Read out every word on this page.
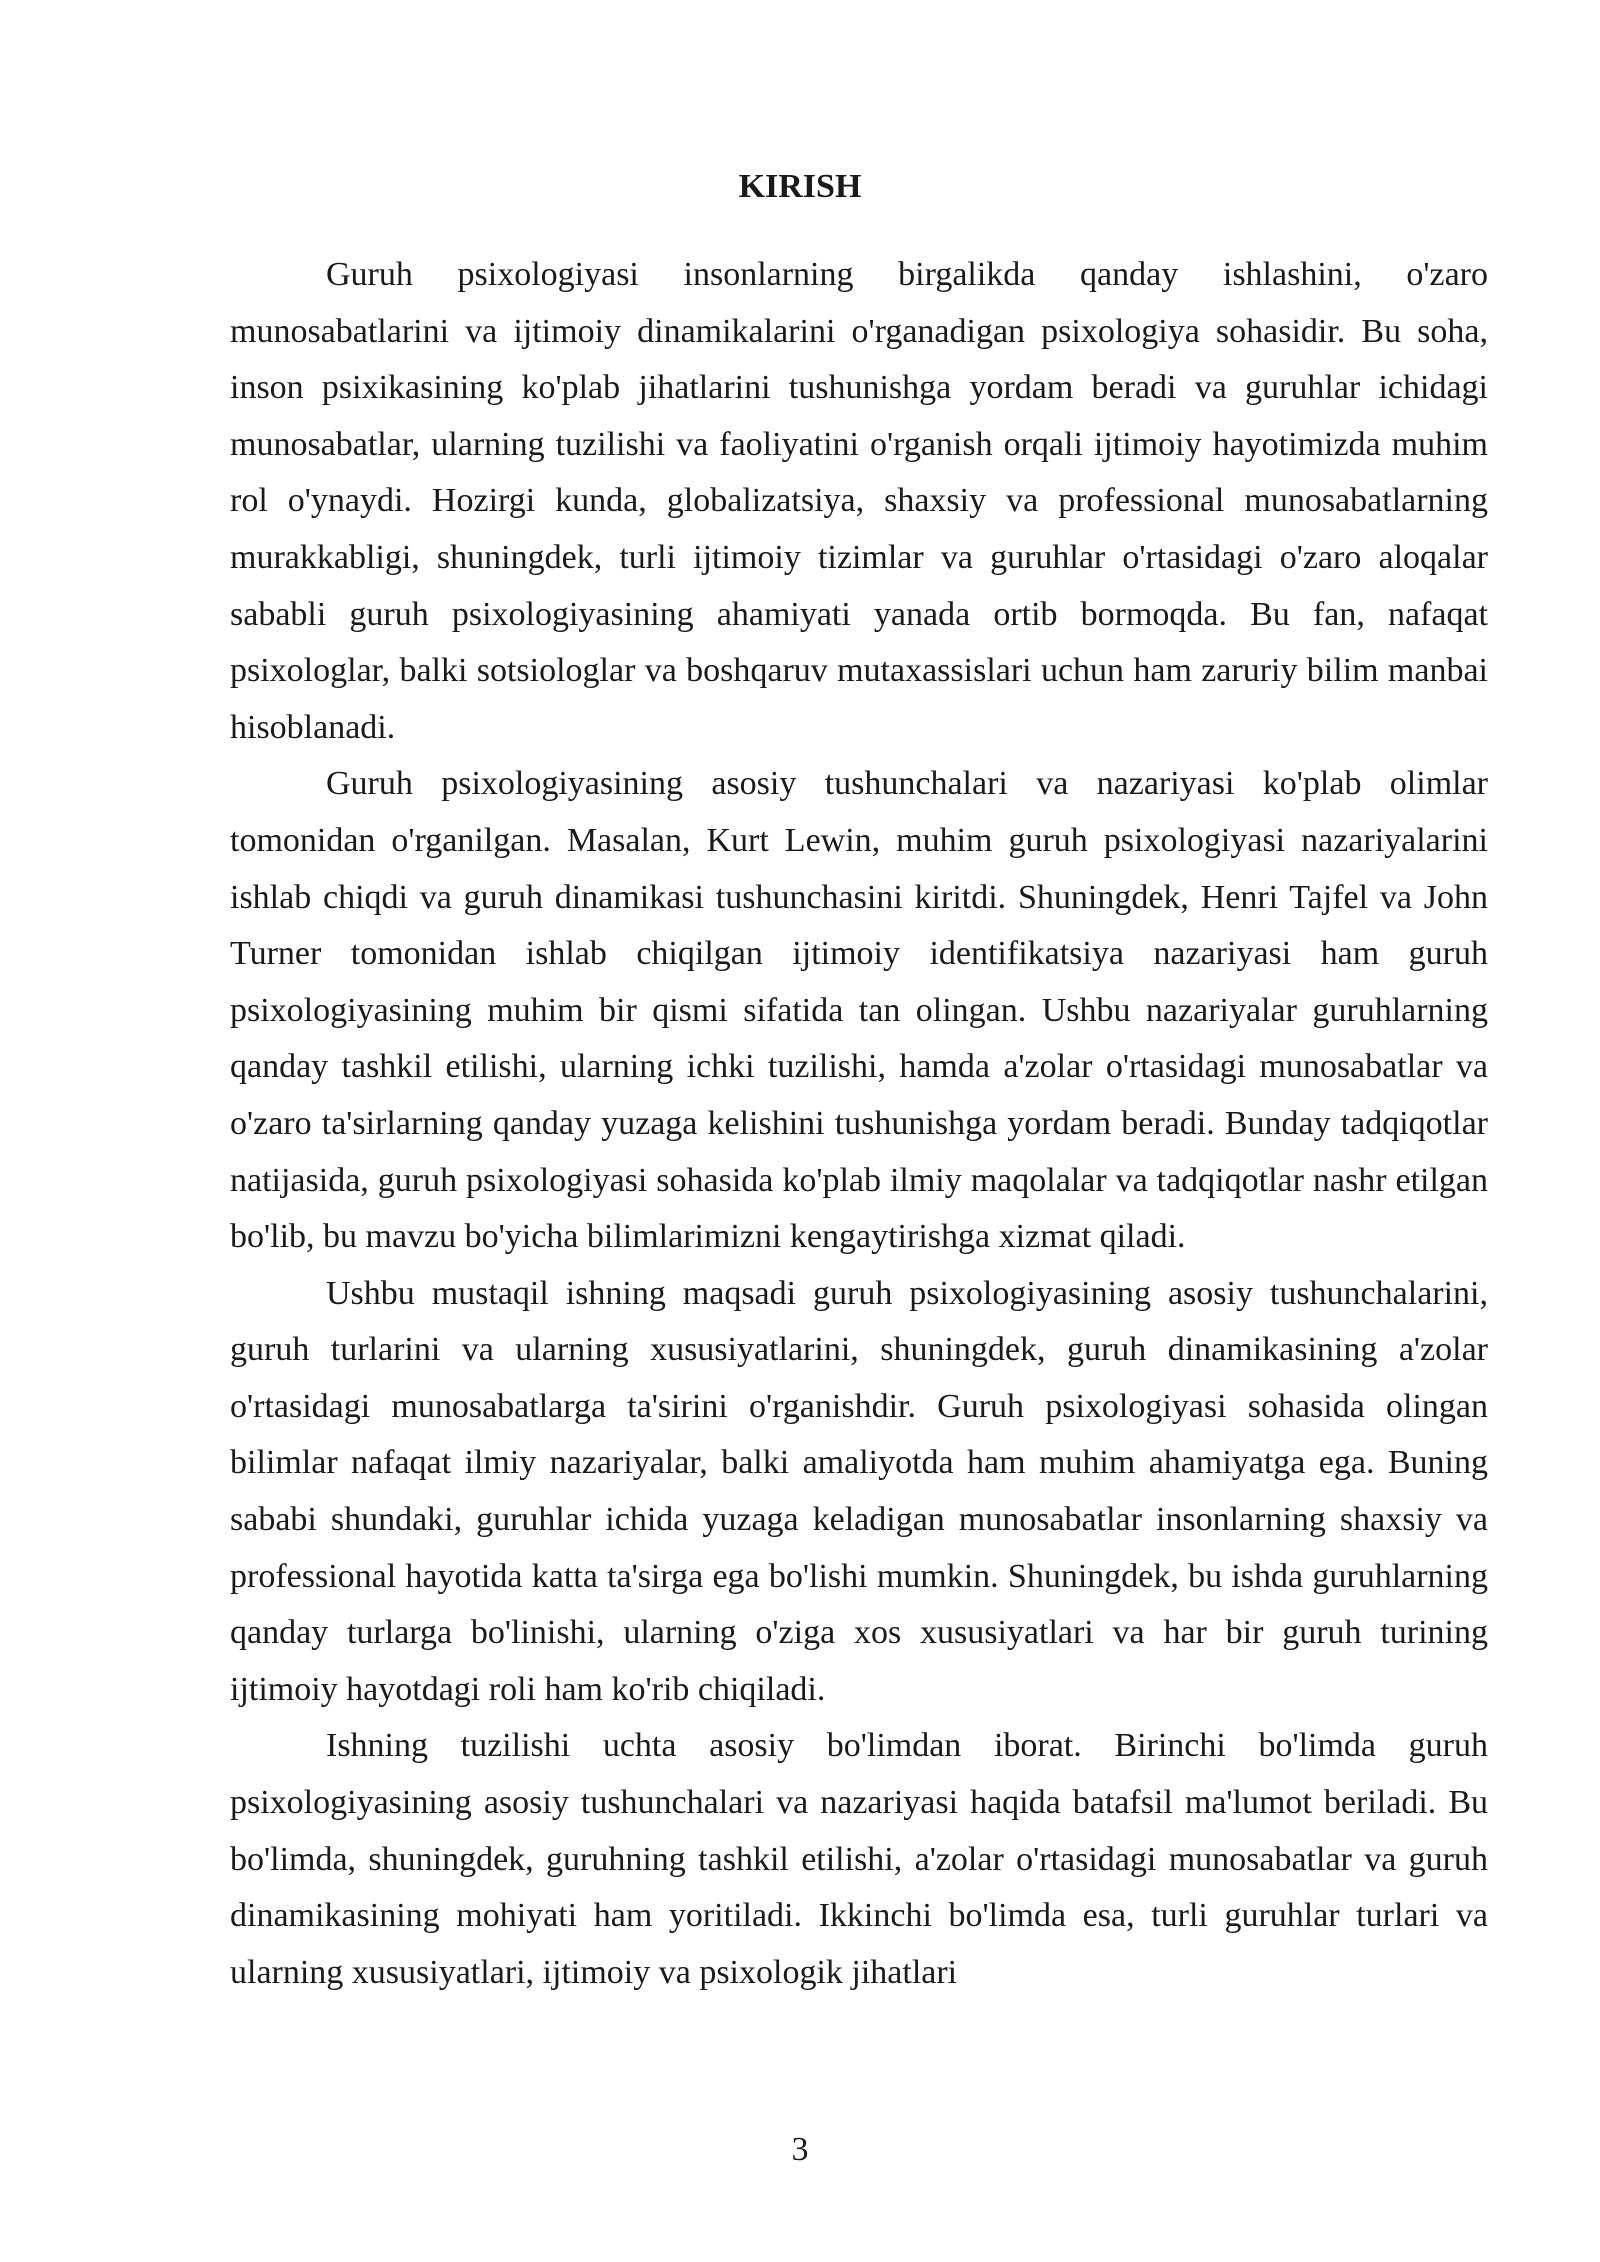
KIRISH

Guruh psixologiyasi insonlarning birgalikda qanday ishlashini, o'zaro munosabatlarini va ijtimoiy dinamikalarini o'rganadigan psixologiya sohasidir. Bu soha, inson psixikasining ko'plab jihatlarini tushunishga yordam beradi va guruhlar ichidagi munosabatlar, ularning tuzilishi va faoliyatini o'rganish orqali ijtimoiy hayotimizda muhim rol o'ynaydi. Hozirgi kunda, globalizatsiya, shaxsiy va professional munosabatlarning murakkabligi, shuningdek, turli ijtimoiy tizimlar va guruhlar o'rtasidagi o'zaro aloqalar sababli guruh psixologiyasining ahamiyati yanada ortib bormoqda. Bu fan, nafaqat psixologlar, balki sotsiologlar va boshqaruv mutaxassislari uchun ham zaruriy bilim manbai hisoblanadi.

Guruh psixologiyasining asosiy tushunchalari va nazariyasi ko'plab olimlar tomonidan o'rganilgan. Masalan, Kurt Lewin, muhim guruh psixologiyasi nazariyalarini ishlab chiqdi va guruh dinamikasi tushunchasini kiritdi. Shuningdek, Henri Tajfel va John Turner tomonidan ishlab chiqilgan ijtimoiy identifikatsiya nazariyasi ham guruh psixologiyasining muhim bir qismi sifatida tan olingan. Ushbu nazariyalar guruhlarning qanday tashkil etilishi, ularning ichki tuzilishi, hamda a'zolar o'rtasidagi munosabatlar va o'zaro ta'sirlarning qanday yuzaga kelishini tushunishga yordam beradi. Bunday tadqiqotlar natijasida, guruh psixologiyasi sohasida ko'plab ilmiy maqolalar va tadqiqotlar nashr etilgan bo'lib, bu mavzu bo'yicha bilimlarimizni kengaytirishga xizmat qiladi.

Ushbu mustaqil ishning maqsadi guruh psixologiyasining asosiy tushunchalarini, guruh turlarini va ularning xususiyatlarini, shuningdek, guruh dinamikasining a'zolar o'rtasidagi munosabatlarga ta'sirini o'rganishdir. Guruh psixologiyasi sohasida olingan bilimlar nafaqat ilmiy nazariyalar, balki amaliyotda ham muhim ahamiyatga ega. Buning sababi shundaki, guruhlar ichida yuzaga keladigan munosabatlar insonlarning shaxsiy va professional hayotida katta ta'sirga ega bo'lishi mumkin. Shuningdek, bu ishda guruhlarning qanday turlarga bo'linishi, ularning o'ziga xos xususiyatlari va har bir guruh turining ijtimoiy hayotdagi roli ham ko'rib chiqiladi.

Ishning tuzilishi uchta asosiy bo'limdan iborat. Birinchi bo'limda guruh psixologiyasining asosiy tushunchalari va nazariyasi haqida batafsil ma'lumot beriladi. Bu bo'limda, shuningdek, guruhning tashkil etilishi, a'zolar o'rtasidagi munosabatlar va guruh dinamikasining mohiyati ham yoritiladi. Ikkinchi bo'limda esa, turli guruhlar turlari va ularning xususiyatlari, ijtimoiy va psixologik jihatlari

3
